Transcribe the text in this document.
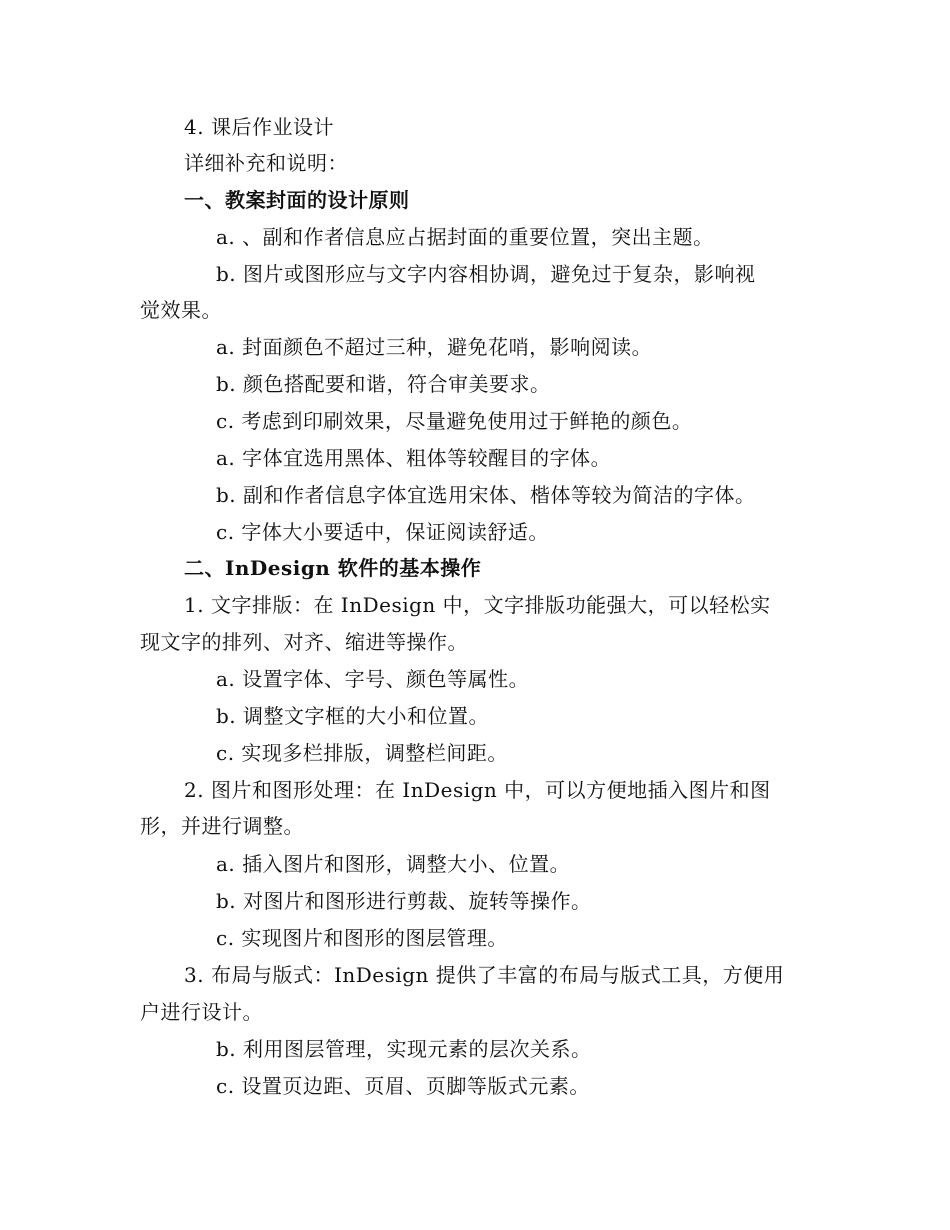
4. 课后作业设计
详细补充和说明：
一、教案封面的设计原则
a. 、副和作者信息应占据封面的重要位置，突出主题。
b. 图片或图形应与文字内容相协调，避免过于复杂，影响视
觉效果。
a. 封面颜色不超过三种，避免花哨，影响阅读。
b. 颜色搭配要和谐，符合审美要求。
c. 考虑到印刷效果，尽量避免使用过于鲜艳的颜色。
a. 字体宜选用黑体、粗体等较醒目的字体。
b. 副和作者信息字体宜选用宋体、楷体等较为简洁的字体。
c. 字体大小要适中，保证阅读舒适。
二、InDesign 软件的基本操作
1. 文字排版：在 InDesign 中，文字排版功能强大，可以轻松实
现文字的排列、对齐、缩进等操作。
a. 设置字体、字号、颜色等属性。
b. 调整文字框的大小和位置。
c. 实现多栏排版，调整栏间距。
2. 图片和图形处理：在 InDesign 中，可以方便地插入图片和图
形，并进行调整。
a. 插入图片和图形，调整大小、位置。
b. 对图片和图形进行剪裁、旋转等操作。
c. 实现图片和图形的图层管理。
3. 布局与版式：InDesign 提供了丰富的布局与版式工具，方便用
户进行设计。
b. 利用图层管理，实现元素的层次关系。
c. 设置页边距、页眉、页脚等版式元素。
